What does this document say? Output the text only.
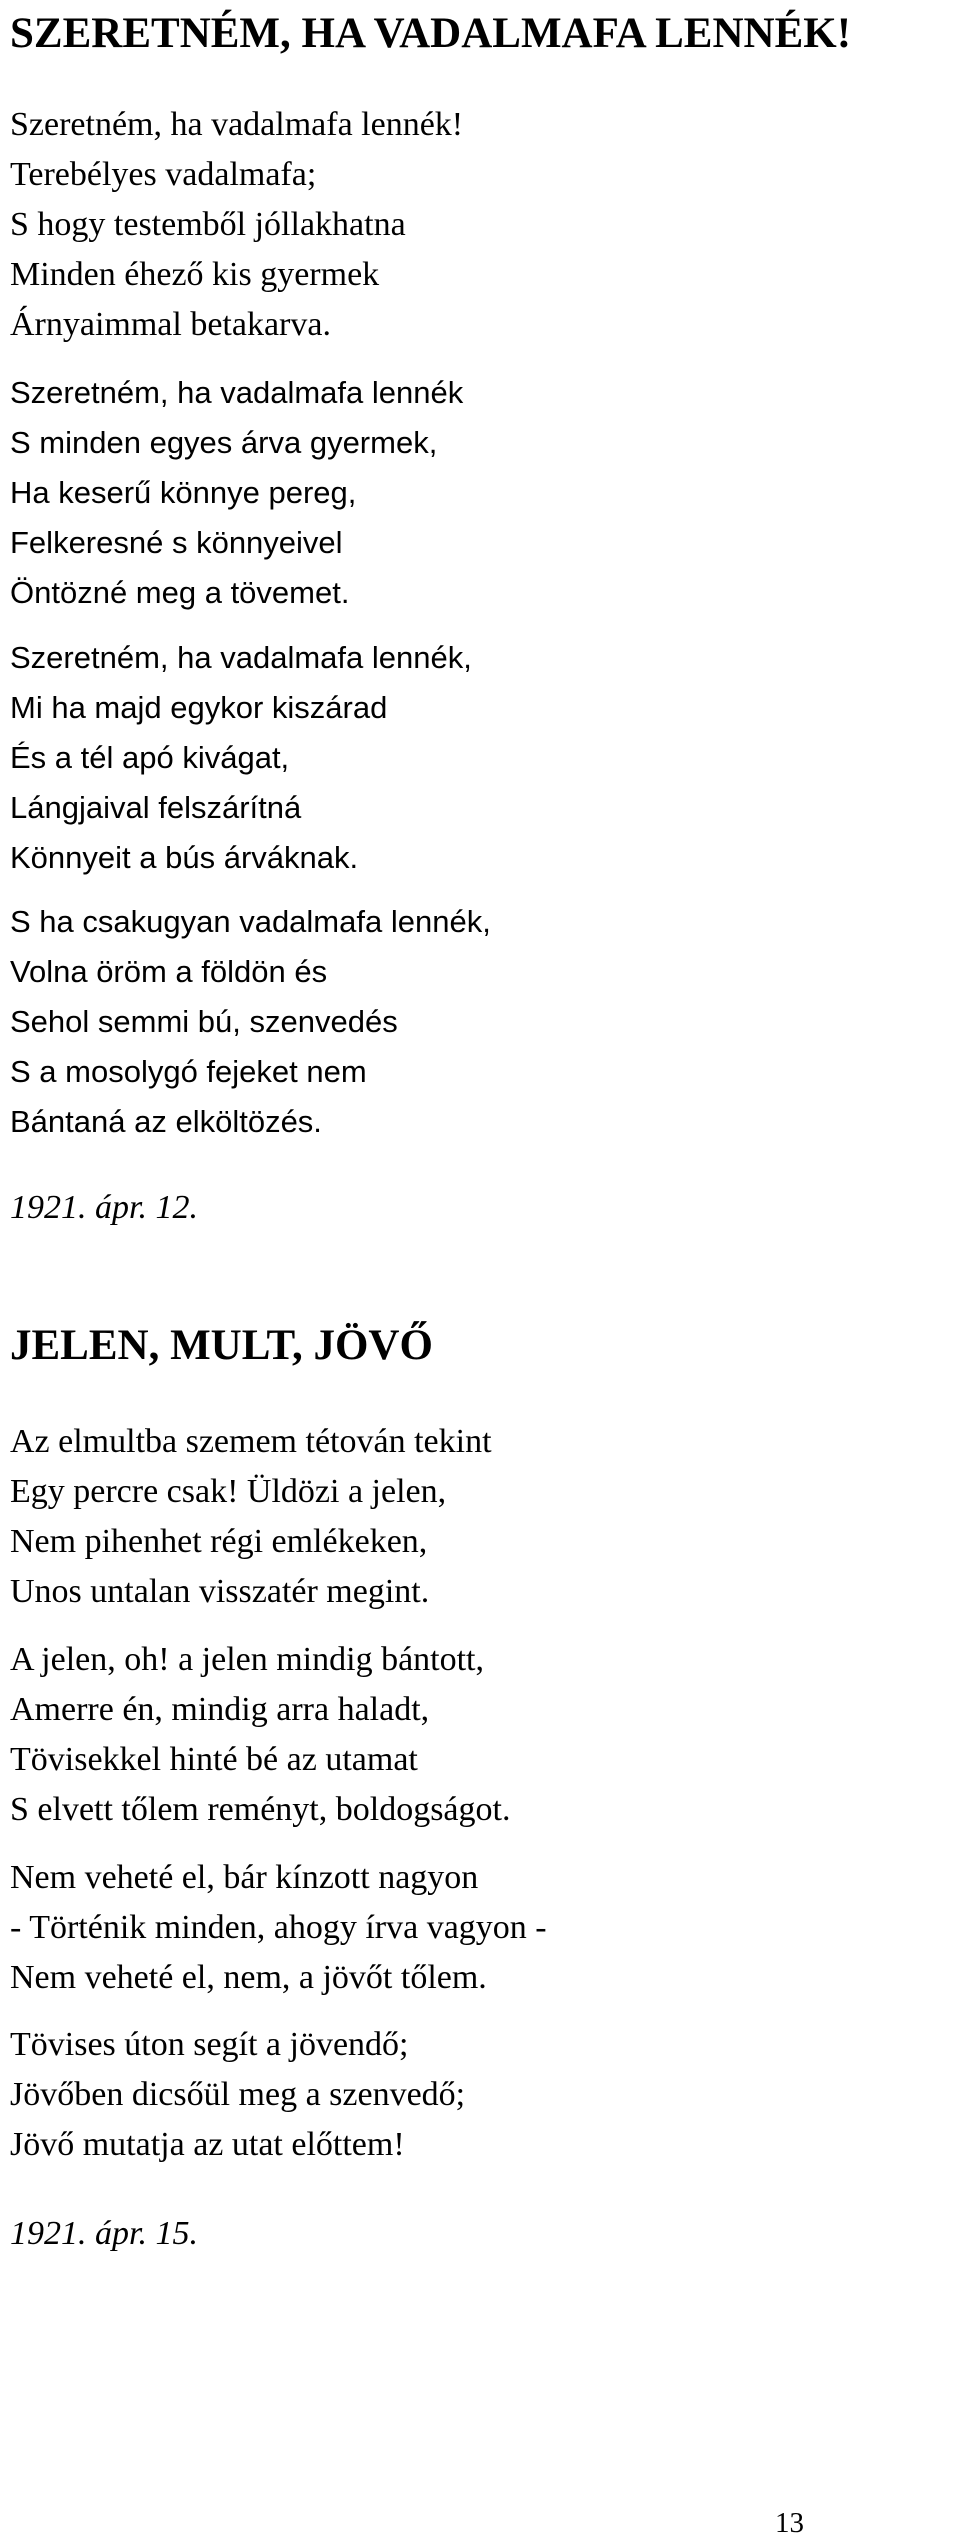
SZERETNÉM, HA VADALMAFA LENNÉK!
Szeretném, ha vadalmafa lennék!
Terebélyes vadalmafa;
S hogy testemből jóllakhatna
Minden éhező kis gyermek
Árnyaimmal betakarva.
Szeretném, ha vadalmafa lennék
S minden egyes árva gyermek,
Ha keserű könnye pereg,
Felkeresné s könnyeivel
Öntözné meg a tövemet.
Szeretném, ha vadalmafa lennék,
Mi ha majd egykor kiszárad
És a tél apó kivágat,
Lángjaival felszárítná
Könnyeit a bús árváknak.
S ha csakugyan vadalmafa lennék,
Volna öröm a földön és
Sehol semmi bú, szenvedés
S a mosolygó fejeket nem
Bántaná az elköltözés.

1921. ápr. 12.

JELEN, MULT, JÖVŐ
Az elmultba szemem tétován tekint
Egy percre csak! Üldözi a jelen,
Nem pihenhet régi emlékeken,
Unos untalan visszatér megint.
A jelen, oh! a jelen mindig bántott,
Amerre én, mindig arra haladt,
Tövisekkel hinté bé az utamat
S elvett tőlem reményt, boldogságot.
Nem veheté el, bár kínzott nagyon
- Történik minden, ahogy írva vagyon -
Nem veheté el, nem, a jövőt tőlem.
Tövises úton segít a jövendő;
Jövőben dicsőül meg a szenvedő;
Jövő mutatja az utat előttem!

1921. ápr. 15.

13
